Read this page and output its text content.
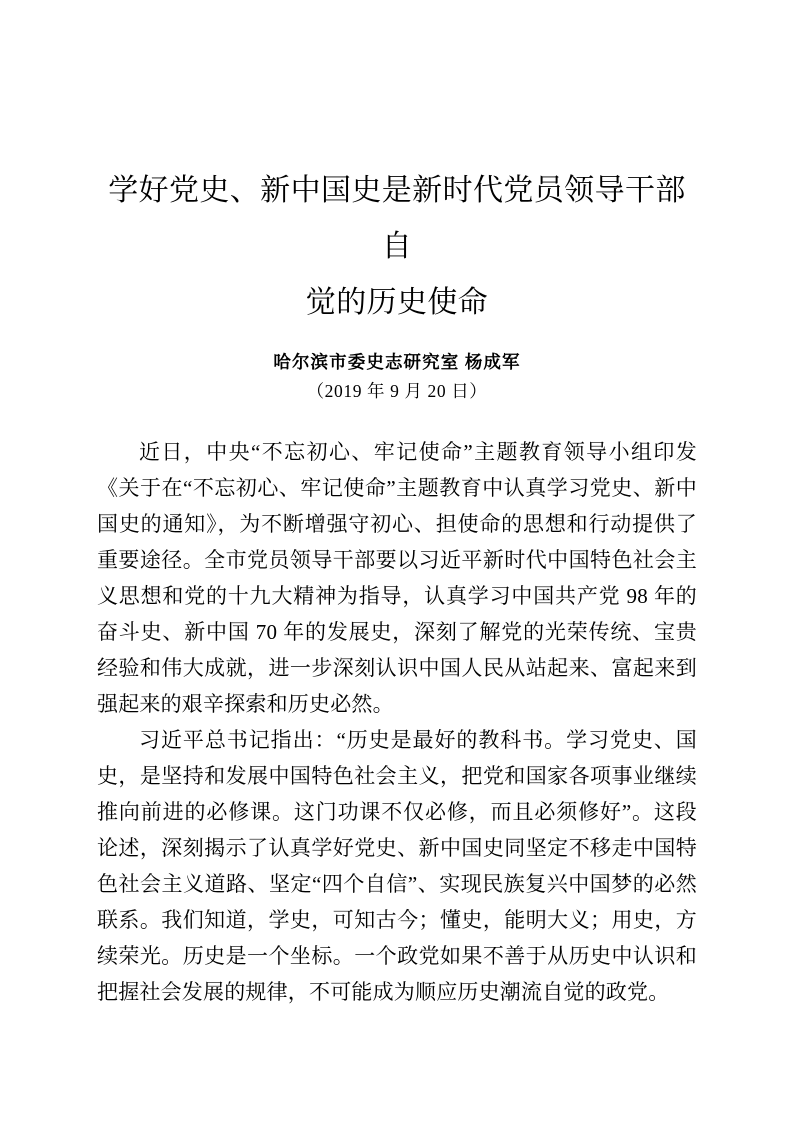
学好党史、新中国史是新时代党员领导干部自
觉的历史使命

哈尔滨市委史志研究室 杨成军

（2019 年 9 月 20 日）

近日，中央“不忘初心、牢记使命”主题教育领导小组印发《关于在“不忘初心、牢记使命”主题教育中认真学习党史、新中国史的通知》，为不断增强守初心、担使命的思想和行动提供了重要途径。全市党员领导干部要以习近平新时代中国特色社会主义思想和党的十九大精神为指导，认真学习中国共产党 98 年的奋斗史、新中国 70 年的发展史，深刻了解党的光荣传统、宝贵经验和伟大成就，进一步深刻认识中国人民从站起来、富起来到强起来的艰辛探索和历史必然。

习近平总书记指出：“历史是最好的教科书。学习党史、国史，是坚持和发展中国特色社会主义，把党和国家各项事业继续推向前进的必修课。这门功课不仅必修，而且必须修好”。这段论述，深刻揭示了认真学好党史、新中国史同坚定不移走中国特色社会主义道路、坚定“四个自信”、实现民族复兴中国梦的必然联系。我们知道，学史，可知古今；懂史，能明大义；用史，方续荣光。历史是一个坐标。一个政党如果不善于从历史中认识和把握社会发展的规律，不可能成为顺应历史潮流自觉的政党。
